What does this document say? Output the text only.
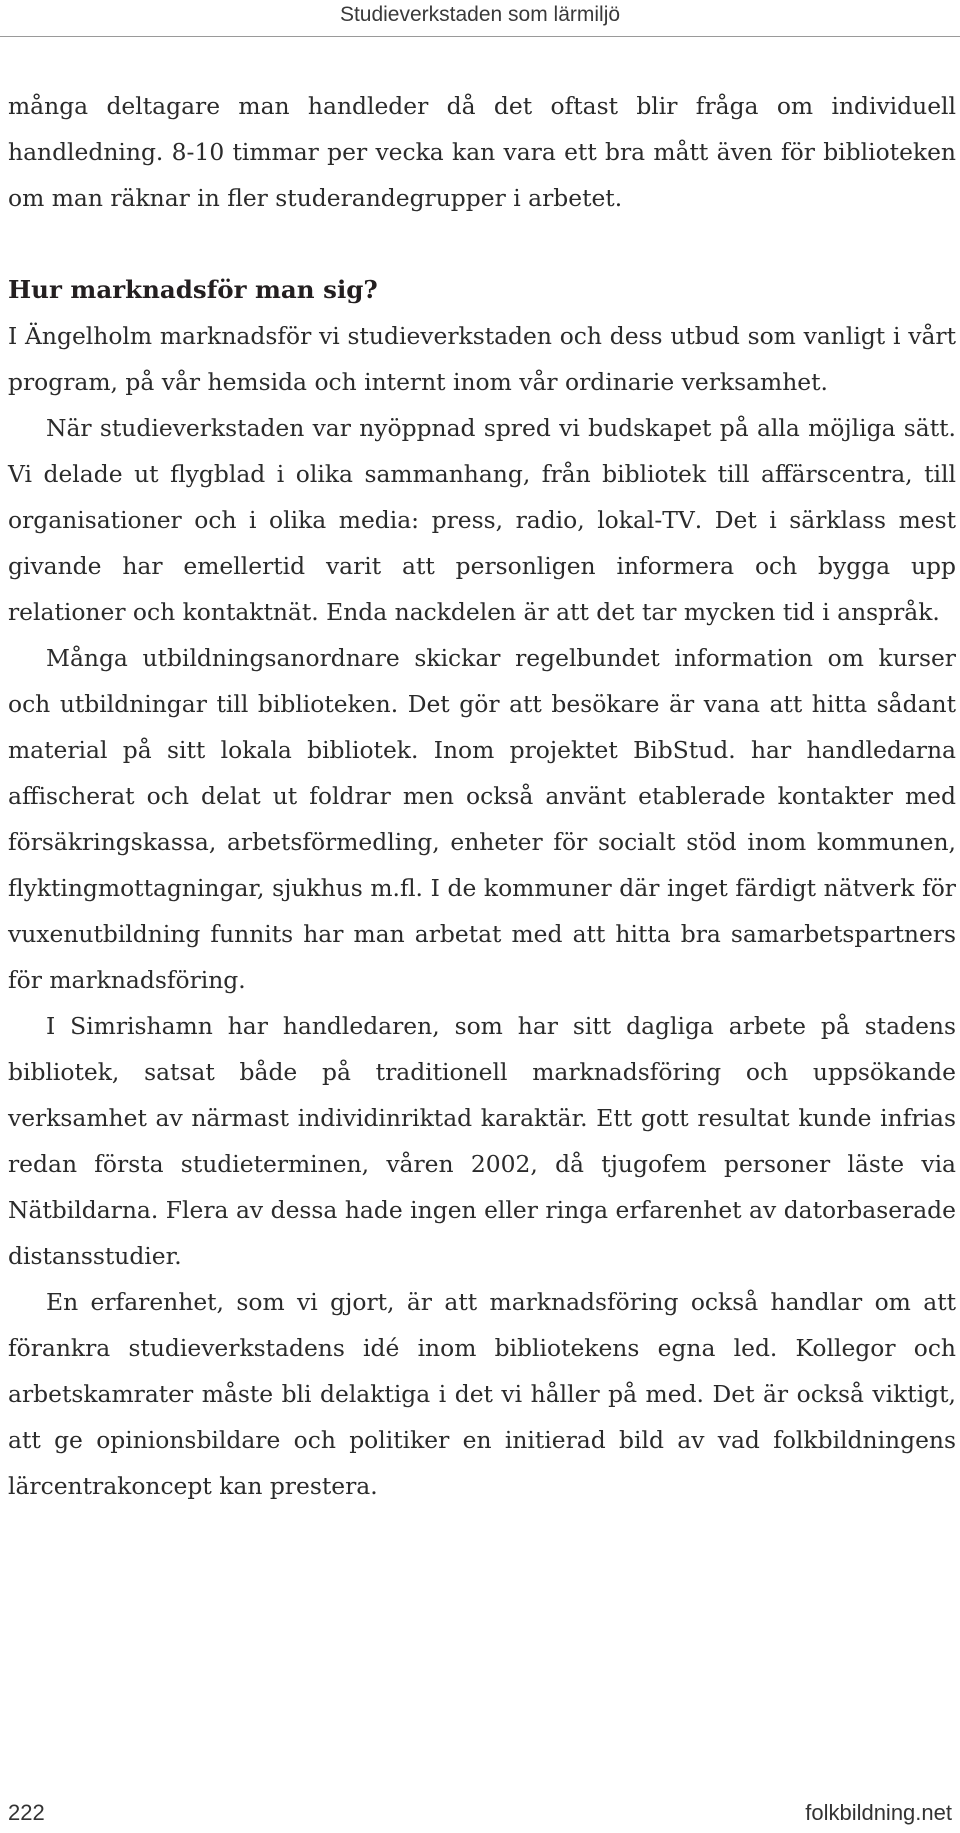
Studieverkstaden som lärmiljö

många deltagare man handleder då det oftast blir fråga om individuell handledning. 8-10 timmar per vecka kan vara ett bra mått även för biblioteken om man räknar in fler studerandegrupper i arbetet.

Hur marknadsför man sig?

I Ängelholm marknadsför vi studieverkstaden och dess utbud som vanligt i vårt program, på vår hemsida och internt inom vår ordinarie verksamhet.

När studieverkstaden var nyöppnad spred vi budskapet på alla möjliga sätt. Vi delade ut flygblad i olika sammanhang, från bibliotek till affärscentra, till organisationer och i olika media: press, radio, lokal-TV. Det i särklass mest givande har emellertid varit att personligen informera och bygga upp relationer och kontaktnät. Enda nackdelen är att det tar mycken tid i anspråk.

Många utbildningsanordnare skickar regelbundet information om kurser och utbildningar till biblioteken. Det gör att besökare är vana att hitta sådant material på sitt lokala bibliotek. Inom projektet BibStud. har handledarna affischerat och delat ut foldrar men också använt etablerade kontakter med försäkringskassa, arbetsförmedling, enheter för socialt stöd inom kommunen, flyktingmottagningar, sjukhus m.fl. I de kommuner där inget färdigt nätverk för vuxenutbildning funnits har man arbetat med att hitta bra samarbetspartners för marknadsföring.

I Simrishamn har handledaren, som har sitt dagliga arbete på stadens bibliotek, satsat både på traditionell marknadsföring och uppsökande verksamhet av närmast individinriktad karaktär. Ett gott resultat kunde infrias redan första studieterminen, våren 2002, då tjugofem personer läste via Nätbildarna. Flera av dessa hade ingen eller ringa erfarenhet av datorbaserade distansstudier.

En erfarenhet, som vi gjort, är att marknadsföring också handlar om att förankra studieverkstadens idé inom bibliotekens egna led. Kollegor och arbetskamrater måste bli delaktiga i det vi håller på med. Det är också viktigt, att ge opinionsbildare och politiker en initierad bild av vad folkbildningens lärcentrakoncept kan prestera.

222	folkbildning.net
